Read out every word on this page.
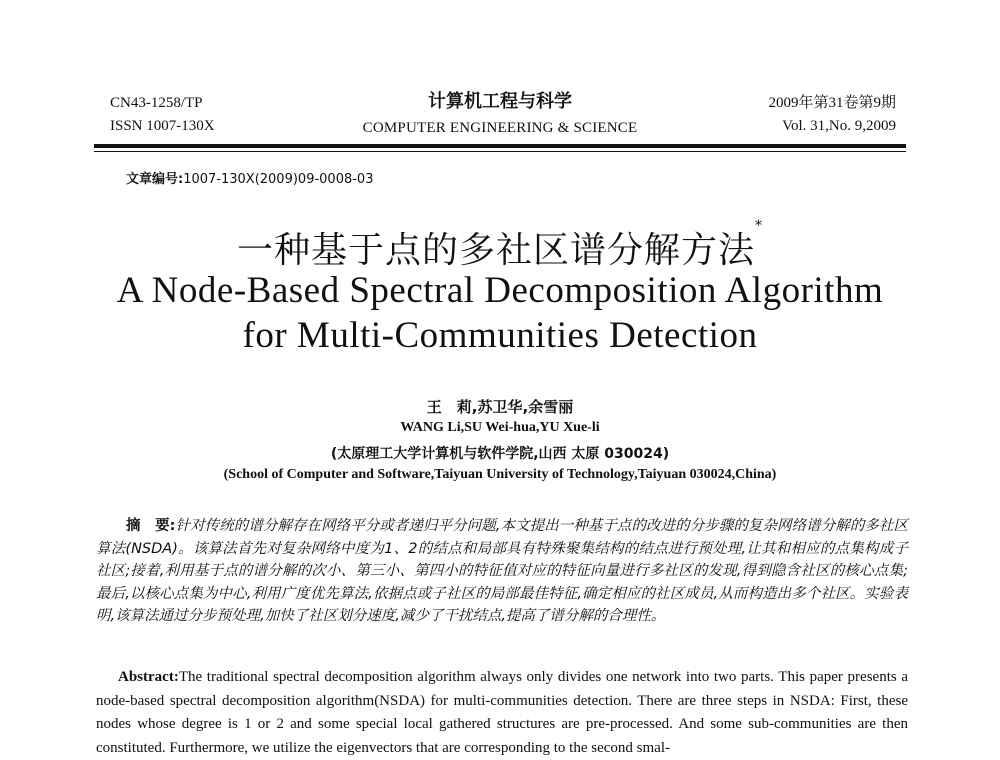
CN43-1258/TP
ISSN 1007-130X
计算机工程与科学
COMPUTER ENGINEERING & SCIENCE
2009年第31卷第9期
Vol. 31,No. 9,2009
文章编号:1007-130X(2009)09-0008-03
一种基于点的多社区谱分解方法*
A Node-Based Spectral Decomposition Algorithm
for Multi-Communities Detection
王　莉,苏卫华,余雪丽
WANG Li,SU Wei-hua,YU Xue-li
(太原理工大学计算机与软件学院,山西 太原 030024)
(School of Computer and Software,Taiyuan University of Technology,Taiyuan 030024,China)
摘　要:针对传统的谱分解存在网络平分或者递归平分问题,本文提出一种基于点的改进的分步骤的复杂网络谱分解的多社区算法(NSDA)。该算法首先对复杂网络中度为1、2的结点和局部具有特殊聚集结构的结点进行预处理,让其和相应的点集构成子社区;接着,利用基于点的谱分解的次小、第三小、第四小的特征值对应的特征向量进行多社区的发现,得到隐含社区的核心点集;最后,以核心点集为中心,利用广度优先算法,依据点或子社区的局部最佳特征,确定相应的社区成员,从而构造出多个社区。实验表明,该算法通过分步预处理,加快了社区划分速度,减少了干扰结点,提高了谱分解的合理性。
Abstract:The traditional spectral decomposition algorithm always only divides one network into two parts. This paper presents a node-based spectral decomposition algorithm(NSDA) for multi-communities detection. There are three steps in NSDA: First, these nodes whose degree is 1 or 2 and some special local gathered structures are pre-processed. And some sub-communities are then constituted. Furthermore, we utilize the eigenvectors that are corresponding to the second smal-
